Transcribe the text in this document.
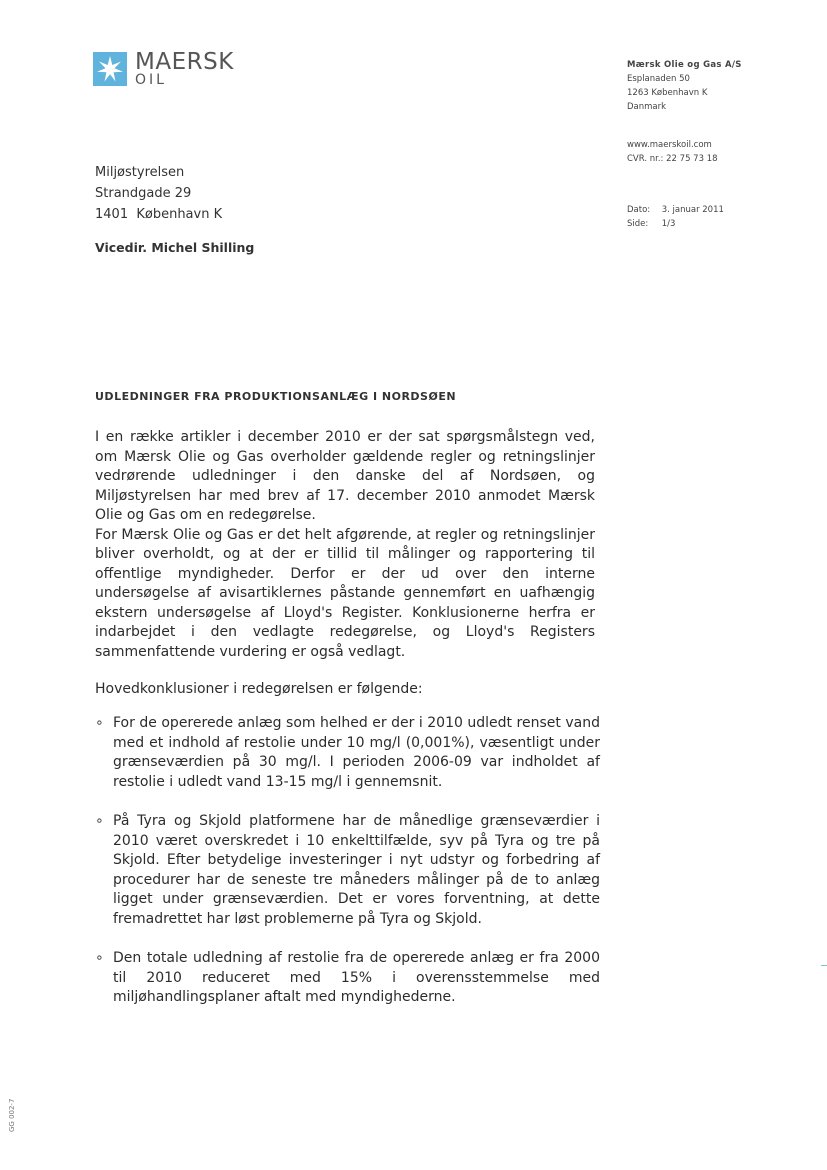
MAERSK
OIL
Mærsk Olie og Gas A/S
Esplanaden 50
1263 København K
Danmark
www.maerskoil.com
CVR. nr.: 22 75 73 18
Dato: 3. januar 2011
Side: 1/3
Miljøstyrelsen
Strandgade 29
1401  København K
Vicedir. Michel Shilling
UDLEDNINGER FRA PRODUKTIONSANLÆG I NORDSØEN
I en række artikler i december 2010 er der sat spørgsmålstegn ved, om Mærsk Olie og Gas overholder gældende regler og retningslinjer vedrørende udledninger i den danske del af Nordsøen, og Miljøstyrelsen har med brev af 17. december 2010 anmodet Mærsk Olie og Gas om en redegørelse.
For Mærsk Olie og Gas er det helt afgørende, at regler og retningslinjer bliver overholdt, og at der er tillid til målinger og rapportering til offentlige myndigheder. Derfor er der ud over den interne undersøgelse af avisartiklernes påstande gennemført en uafhængig ekstern undersøgelse af Lloyd's Register. Konklusionerne herfra er indarbejdet i den vedlagte redegørelse, og Lloyd's Registers sammenfattende vurdering er også vedlagt.
Hovedkonklusioner i redegørelsen er følgende:
∘ For de opererede anlæg som helhed er der i 2010 udledt renset vand med et indhold af restolie under 10 mg/l (0,001%), væsentligt under grænseværdien på 30 mg/l. I perioden 2006-09 var indholdet af restolie i udledt vand 13-15 mg/l i gennemsnit.
∘ På Tyra og Skjold platformene har de månedlige grænseværdier i 2010 været overskredet i 10 enkelttilfælde, syv på Tyra og tre på Skjold. Efter betydelige investeringer i nyt udstyr og forbedring af procedurer har de seneste tre måneders målinger på de to anlæg ligget under grænseværdien. Det er vores forventning, at dette fremadrettet har løst problemerne på Tyra og Skjold.
∘ Den totale udledning af restolie fra de opererede anlæg er fra 2000 til 2010 reduceret med 15% i overensstemmelse med miljøhandlingsplaner aftalt med myndighederne.
GG 002-7
